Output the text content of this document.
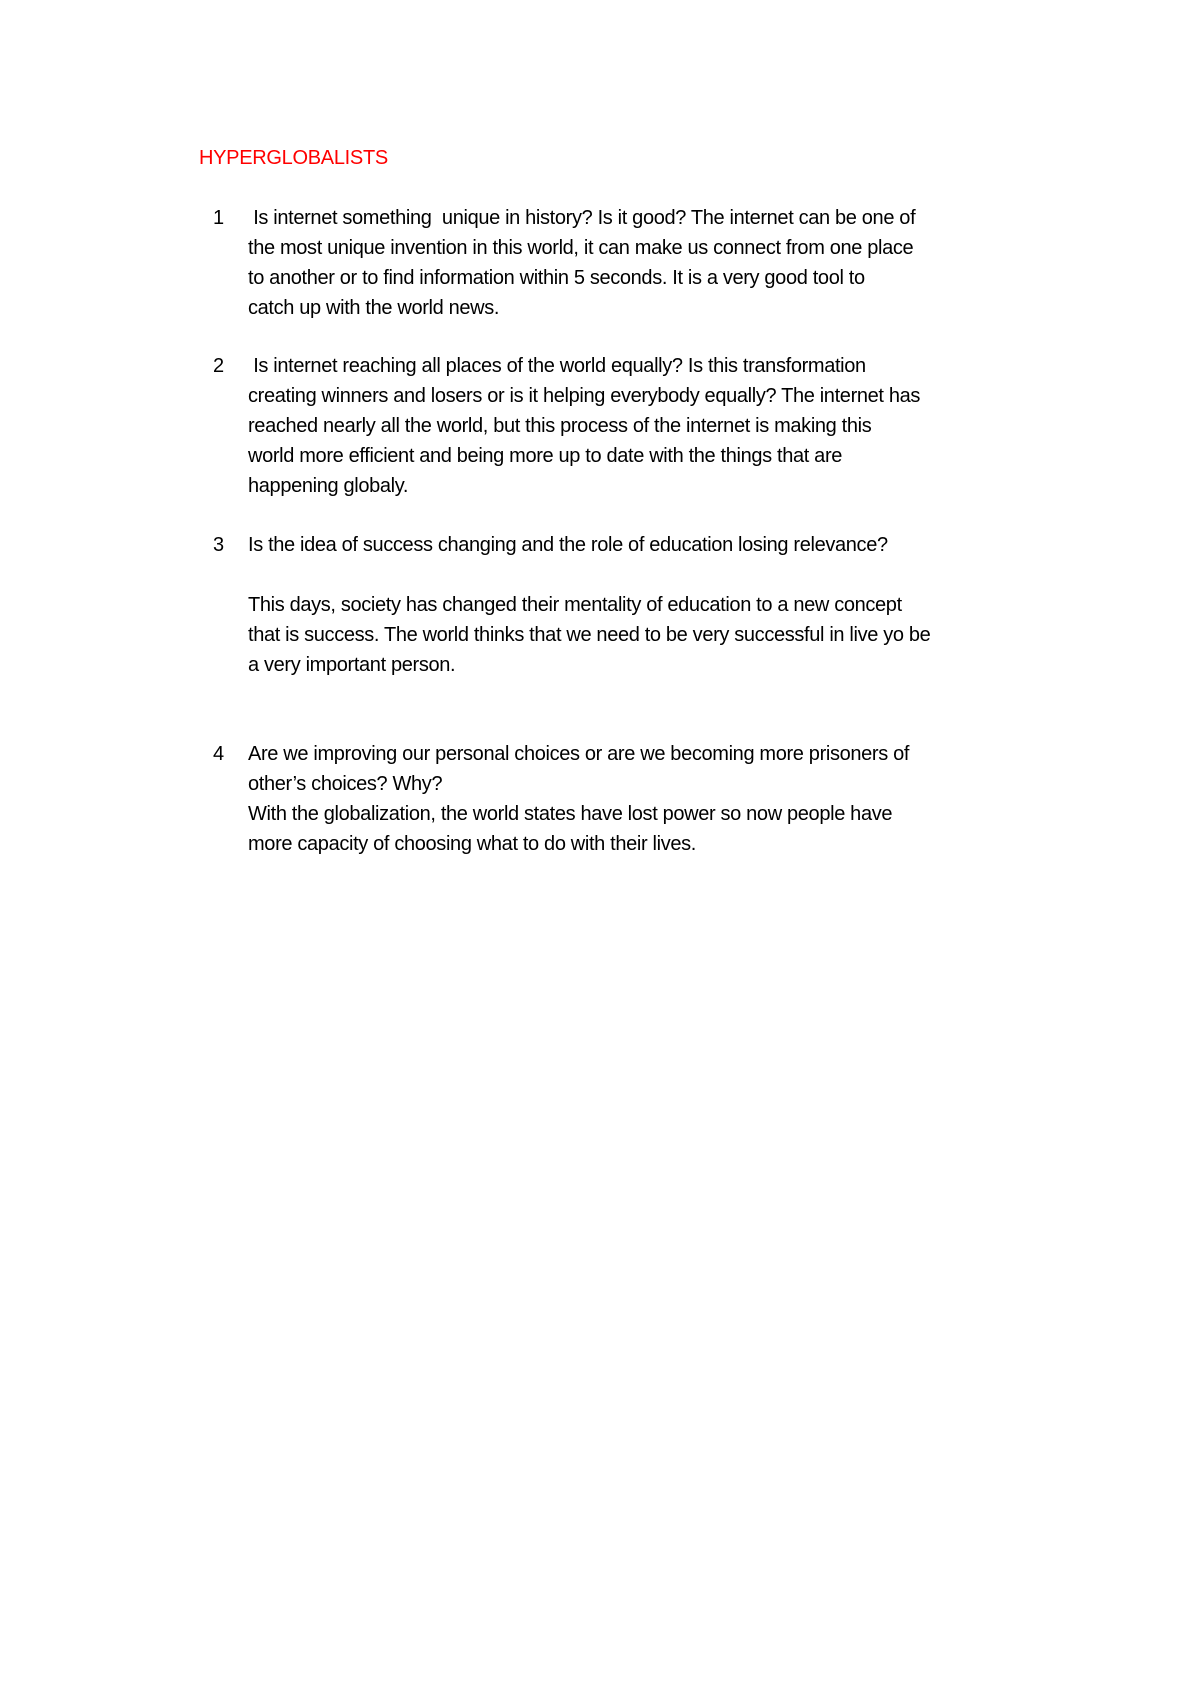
HYPERGLOBALISTS
1 Is internet something  unique in history? Is it good? The internet can be one of

the most unique invention in this world, it can make us connect from one place

to another or to find information within 5 seconds. It is a very good tool to

catch up with the world news.

2 Is internet reaching all places of the world equally? Is this transformation

creating winners and losers or is it helping everybody equally? The internet has

reached nearly all the world, but this process of the internet is making this

world more efficient and being more up to date with the things that are

happening globaly.

3 Is the idea of success changing and the role of education losing relevance?

This days, society has changed their mentality of education to a new concept

that is success. The world thinks that we need to be very successful in live yo be

a very important person.

4 Are we improving our personal choices or are we becoming more prisoners of

other’s choices? Why?

With the globalization, the world states have lost power so now people have

more capacity of choosing what to do with their lives.
